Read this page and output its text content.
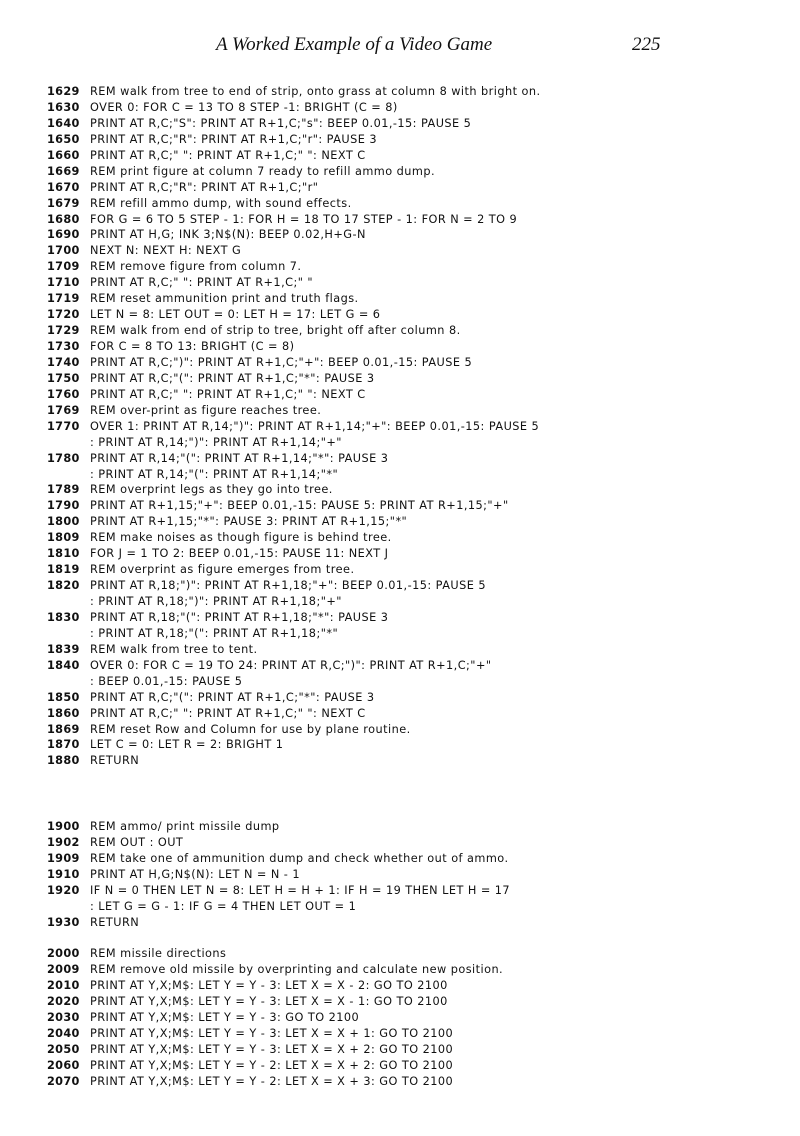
A Worked Example of a Video Game	225
1629 REM walk from tree to end of strip, onto grass at column 8 with bright on.
1630 OVER 0: FOR C = 13 TO 8 STEP -1: BRIGHT (C = 8)
1640 PRINT AT R,C;"S": PRINT AT R+1,C;"s": BEEP 0.01,-15: PAUSE 5
1650 PRINT AT R,C;"R": PRINT AT R+1,C;"r": PAUSE 3
1660 PRINT AT R,C;" ": PRINT AT R+1,C;" ": NEXT C
1669 REM print figure at column 7 ready to refill ammo dump.
1670 PRINT AT R,C;"R": PRINT AT R+1,C;"r"
1679 REM refill ammo dump, with sound effects.
1680 FOR G = 6 TO 5 STEP - 1: FOR H = 18 TO 17 STEP - 1: FOR N = 2 TO 9
1690 PRINT AT H,G; INK 3;N$(N): BEEP 0.02,H+G-N
1700 NEXT N: NEXT H: NEXT G
1709 REM remove figure from column 7.
1710 PRINT AT R,C;" ": PRINT AT R+1,C;" "
1719 REM reset ammunition print and truth flags.
1720 LET N = 8: LET OUT = 0: LET H = 17: LET G = 6
1729 REM walk from end of strip to tree, bright off after column 8.
1730 FOR C = 8 TO 13: BRIGHT (C = 8)
1740 PRINT AT R,C;")": PRINT AT R+1,C;"+": BEEP 0.01,-15: PAUSE 5
1750 PRINT AT R,C;"(": PRINT AT R+1,C;"*": PAUSE 3
1760 PRINT AT R,C;" ": PRINT AT R+1,C;" ": NEXT C
1769 REM over-print as figure reaches tree.
1770 OVER 1: PRINT AT R,14;")": PRINT AT R+1,14;"+": BEEP 0.01,-15: PAUSE 5
: PRINT AT R,14;")": PRINT AT R+1,14;"+"
1780 PRINT AT R,14;"(": PRINT AT R+1,14;"*": PAUSE 3
: PRINT AT R,14;"(": PRINT AT R+1,14;"*"
1789 REM overprint legs as they go into tree.
1790 PRINT AT R+1,15;"+": BEEP 0.01,-15: PAUSE 5: PRINT AT R+1,15;"+"
1800 PRINT AT R+1,15;"*": PAUSE 3: PRINT AT R+1,15;"*"
1809 REM make noises as though figure is behind tree.
1810 FOR J = 1 TO 2: BEEP 0.01,-15: PAUSE 11: NEXT J
1819 REM overprint as figure emerges from tree.
1820 PRINT AT R,18;")": PRINT AT R+1,18;"+": BEEP 0.01,-15: PAUSE 5
: PRINT AT R,18;")": PRINT AT R+1,18;"+"
1830 PRINT AT R,18;"(": PRINT AT R+1,18;"*": PAUSE 3
: PRINT AT R,18;"(": PRINT AT R+1,18;"*"
1839 REM walk from tree to tent.
1840 OVER 0: FOR C = 19 TO 24: PRINT AT R,C;")": PRINT AT R+1,C;"+"
: BEEP 0.01,-15: PAUSE 5
1850 PRINT AT R,C;"(": PRINT AT R+1,C;"*": PAUSE 3
1860 PRINT AT R,C;" ": PRINT AT R+1,C;" ": NEXT C
1869 REM reset Row and Column for use by plane routine.
1870 LET C = 0: LET R = 2: BRIGHT 1
1880 RETURN
1900 REM ammo/ print missile dump
1902 REM OUT : OUT
1909 REM take one of ammunition dump and check whether out of ammo.
1910 PRINT AT H,G;N$(N): LET N = N - 1
1920 IF N = 0 THEN LET N = 8: LET H = H + 1: IF H = 19 THEN LET H = 17
: LET G = G - 1: IF G = 4 THEN LET OUT = 1
1930 RETURN
2000 REM missile directions
2009 REM remove old missile by overprinting and calculate new position.
2010 PRINT AT Y,X;M$: LET Y = Y - 3: LET X = X - 2: GO TO 2100
2020 PRINT AT Y,X;M$: LET Y = Y - 3: LET X = X - 1: GO TO 2100
2030 PRINT AT Y,X;M$: LET Y = Y - 3: GO TO 2100
2040 PRINT AT Y,X;M$: LET Y = Y - 3: LET X = X + 1: GO TO 2100
2050 PRINT AT Y,X;M$: LET Y = Y - 3: LET X = X + 2: GO TO 2100
2060 PRINT AT Y,X;M$: LET Y = Y - 2: LET X = X + 2: GO TO 2100
2070 PRINT AT Y,X;M$: LET Y = Y - 2: LET X = X + 3: GO TO 2100
